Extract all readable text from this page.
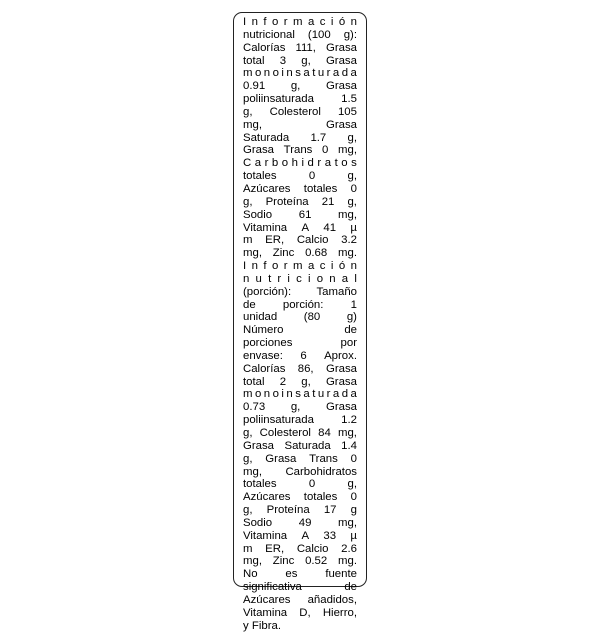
I n f o r m a c i ó n
nutricional (100 g):
Calorías 111, Grasa
total 3 g, Grasa
m o n o i n s a t u r a d a
0.91 g, Grasa
poliinsaturada 1.5
g, Colesterol 105
mg,	Grasa
Saturada 1.7 g,
Grasa Trans 0 mg,
C a r b o h i d r a t o s
totales	0	g,
Azúcares totales 0
g, Proteína 21 g,
Sodio 61 mg,
Vitamina A 41 µ
m ER, Calcio 3.2
mg, Zinc 0.68 mg.
I n f o r m a c i ó n
n u t r i c i o n a l
(porción): Tamaño
de porción: 1
unidad (80 g)
Número	de
porciones	por
envase: 6 Aprox.
Calorías 86, Grasa
total 2 g, Grasa
m o n o i n s a t u r a d a
0.73 g, Grasa
poliinsaturada 1.2
g, Colesterol 84 mg,
Grasa Saturada 1.4
g, Grasa Trans 0
mg, Carbohidratos
totales	0	g,
Azúcares totales 0
g, Proteína 17 g
Sodio 49 mg,
Vitamina A 33 µ
m ER, Calcio 2.6
mg, Zinc 0.52 mg.
No es fuente
significativa	de
Azúcares añadidos,
Vitamina D, Hierro,
y Fibra.
